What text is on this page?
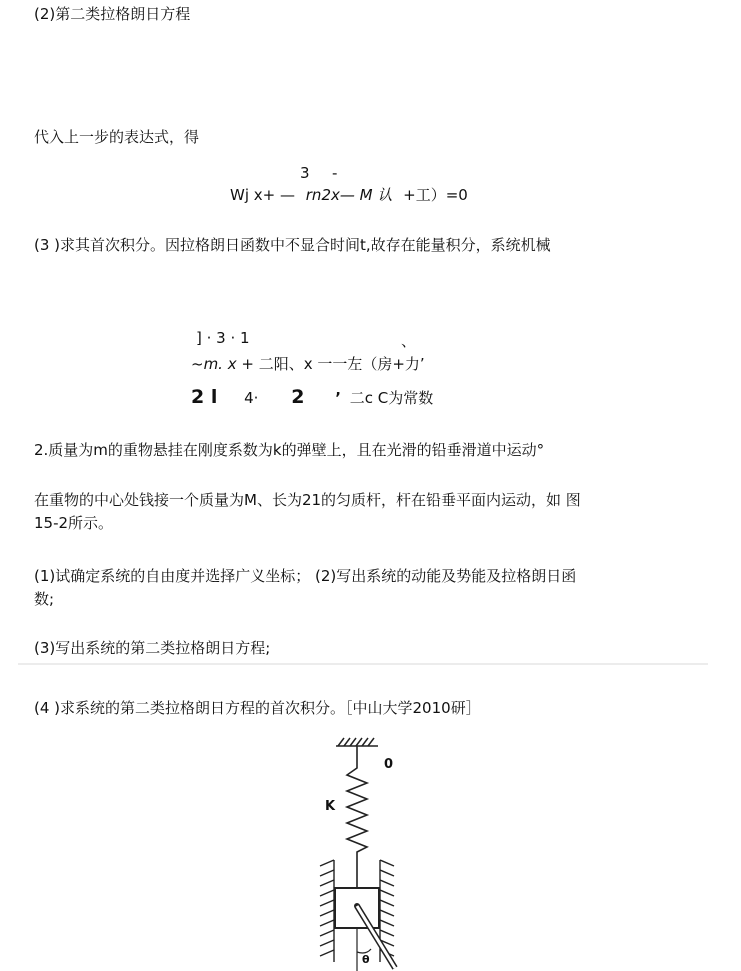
(2)第二类拉格朗日方程
代入上一步的表达式，得
3 -
Wj x+ — rn2x— M 认 +工）=0
(3 )求其首次积分。因拉格朗日函数中不显合时间t,故存在能量积分，系统机械
] · 3 · 1	、
~m. x + 二阳、x 一一左（房+力’
2 l 4· 2 ’ 二c C为常数
2.质量为m的重物悬挂在刚度系数为k的弹壁上，且在光滑的铅垂滑道中运动°
在重物的中心处钱接一个质量为M、长为21的匀质杆，杆在铅垂平面内运动，如 图
15-2所示。
(1)试确定系统的自由度并选择广义坐标； (2)写出系统的动能及势能及拉格朗日函
数;
(3)写出系统的第二类拉格朗日方程;
(4 )求系统的第二类拉格朗日方程的首次积分。［中山大学2010研］
0
K
θ
